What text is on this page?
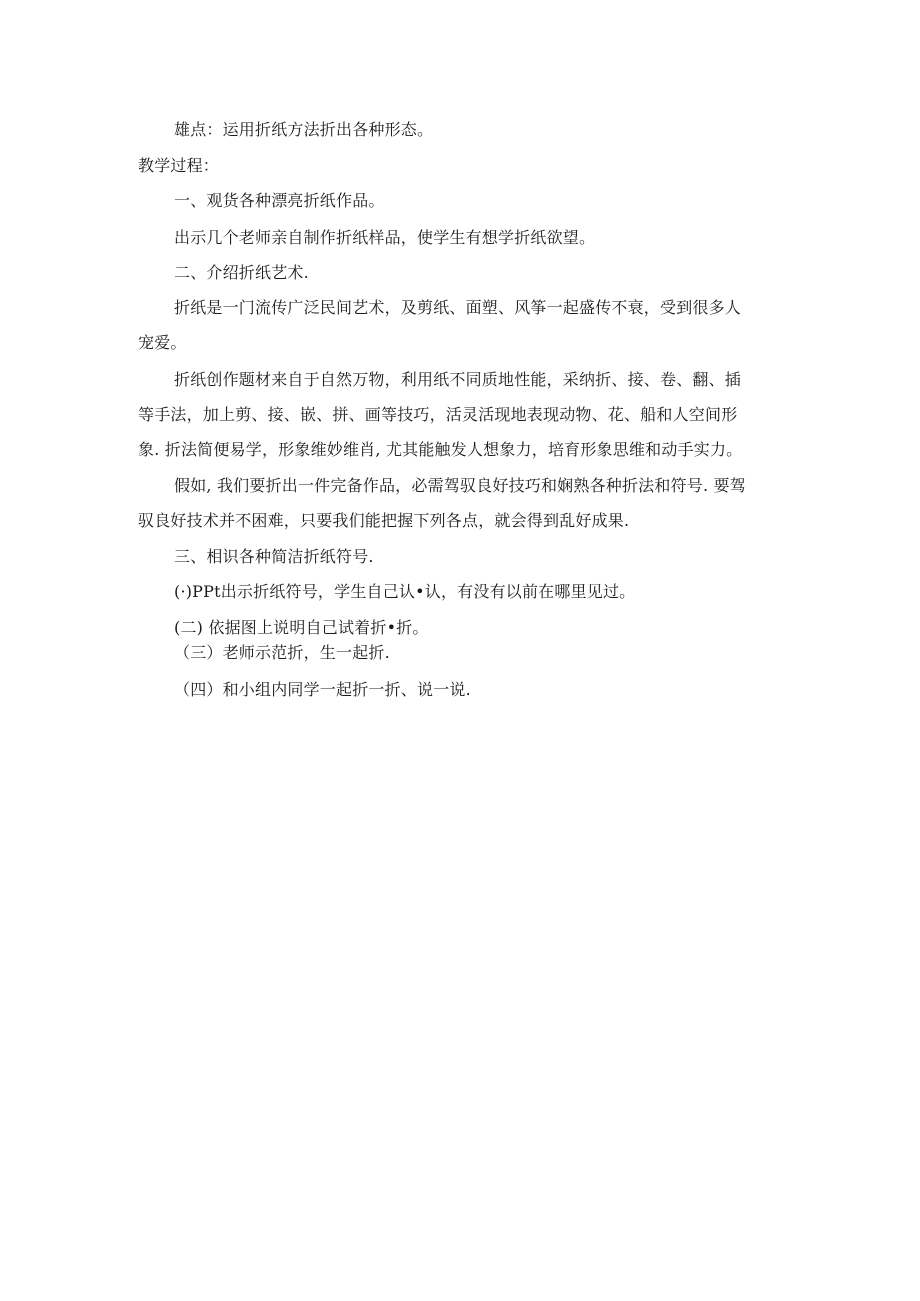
雄点：运用折纸方法折出各种形态。
教学过程：
一、观货各种漂亮折纸作品。
出示几个老师亲自制作折纸样品，使学生有想学折纸欲望。
二、介绍折纸艺术.
折纸是一门流传广泛民间艺术，及剪纸、面塑、风筝一起盛传不衰，受到很多人
宠爱。
折纸创作题材来自于自然万物，利用纸不同质地性能，采纳折、接、卷、翻、插
等手法，加上剪、接、嵌、拼、画等技巧，活灵活现地表现动物、花、船和人空间形
象. 折法简便易学，形象维妙维肖, 尤其能触发人想象力，培育形象思维和动手实力。
假如, 我们要折出一件完备作品，必需驾驭良好技巧和娴熟各种折法和符号. 要驾
驭良好技术并不困难，只要我们能把握下列各点，就会得到乱好成果.
三、相识各种简洁折纸符号.
(·)PPt出示折纸符号，学生自己认•认，有没有以前在哪里见过。
(二) 依据图上说明自己试着折•折。
（三）老师示范折，生一起折.
（四）和小组内同学一起折一折、说一说.
